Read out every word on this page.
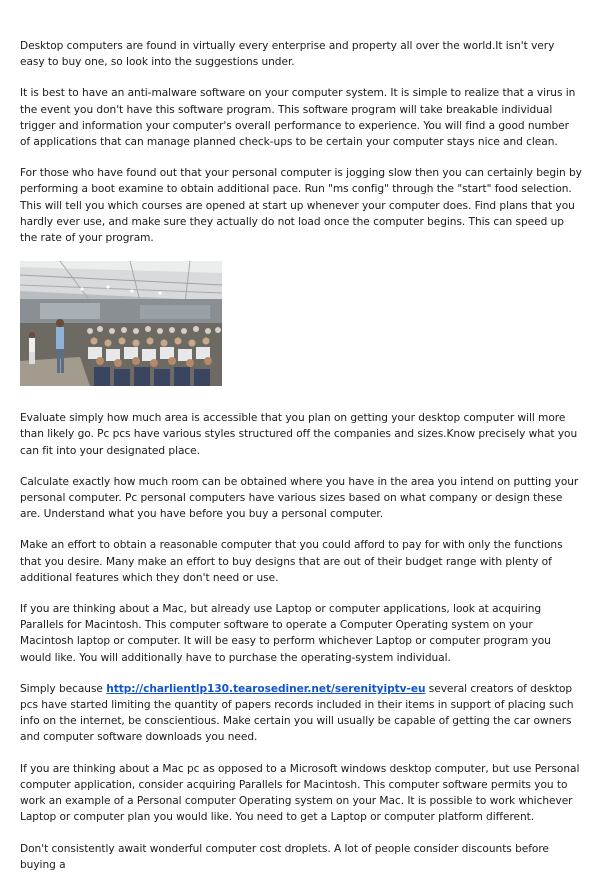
Desktop computers are found in virtually every enterprise and property all over the world.It isn't very easy to buy one, so look into the suggestions under.

It is best to have an anti-malware software on your computer system. It is simple to realize that a virus in the event you don't have this software program. This software program will take breakable individual trigger and information your computer's overall performance to experience. You will find a good number of applications that can manage planned check-ups to be certain your computer stays nice and clean.

For those who have found out that your personal computer is jogging slow then you can certainly begin by performing a boot examine to obtain additional pace. Run "ms config" through the "start" food selection. This will tell you which courses are opened at start up whenever your computer does. Find plans that you hardly ever use, and make sure they actually do not load once the computer begins. This can speed up the rate of your program.

Evaluate simply how much area is accessible that you plan on getting your desktop computer will more than likely go. Pc pcs have various styles structured off the companies and sizes.Know precisely what you can fit into your designated place.

Calculate exactly how much room can be obtained where you have in the area you intend on putting your personal computer. Pc personal computers have various sizes based on what company or design these are. Understand what you have before you buy a personal computer.

Make an effort to obtain a reasonable computer that you could afford to pay for with only the functions that you desire. Many make an effort to buy designs that are out of their budget range with plenty of additional features which they don't need or use.

If you are thinking about a Mac, but already use Laptop or computer applications, look at acquiring Parallels for Macintosh. This computer software to operate a Computer Operating system on your Macintosh laptop or computer. It will be easy to perform whichever Laptop or computer program you would like. You will additionally have to purchase the operating-system individual.

Simply because http://charlientlp130.tearosediner.net/serenityiptv-eu several creators of desktop pcs have started limiting the quantity of papers records included in their items in support of placing such info on the internet, be conscientious. Make certain you will usually be capable of getting the car owners and computer software downloads you need.

If you are thinking about a Mac pc as opposed to a Microsoft windows desktop computer, but use Personal computer application, consider acquiring Parallels for Macintosh. This computer software permits you to work an example of a Personal computer Operating system on your Mac. It is possible to work whichever Laptop or computer plan you would like. You need to get a Laptop or computer platform different.

Don't consistently await wonderful computer cost droplets. A lot of people consider discounts before buying a
